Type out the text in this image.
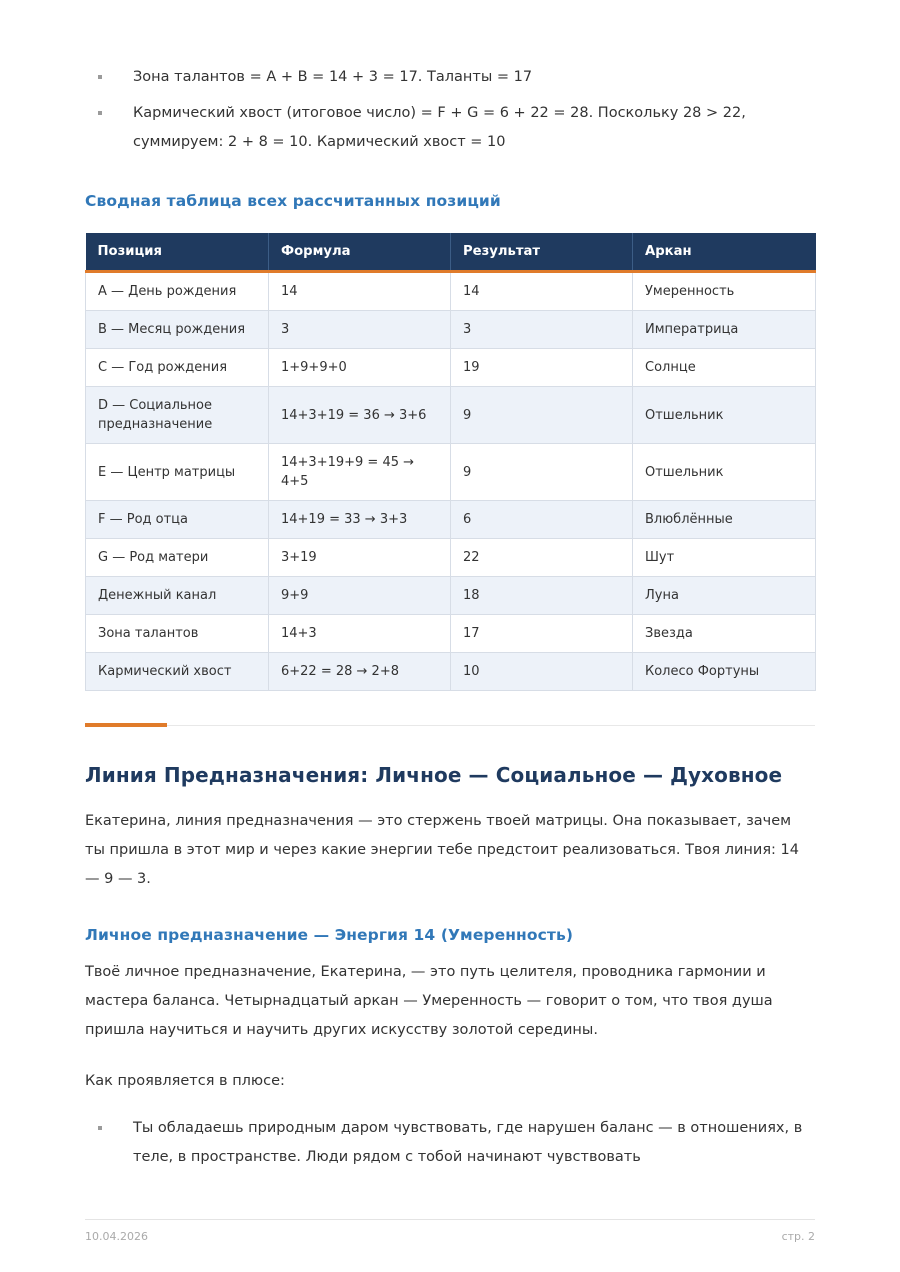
Зона талантов = A + B = 14 + 3 = 17. Таланты = 17

Кармический хвост (итоговое число) = F + G = 6 + 22 = 28. Поскольку 28 > 22, суммируем: 2 + 8 = 10. Кармический хвост = 10

Сводная таблица всех рассчитанных позиций
Позиция	Формула	Результат	Аркан
A — День рождения	14	14	Умеренность
B — Месяц рождения	3	3	Императрица
C — Год рождения	1+9+9+0	19	Солнце
D — Социальное предназначение	14+3+19 = 36 → 3+6	9	Отшельник
E — Центр матрицы	14+3+19+9 = 45 → 4+5	9	Отшельник
F — Род отца	14+19 = 33 → 3+3	6	Влюблённые
G — Род матери	3+19	22	Шут
Денежный канал	9+9	18	Луна
Зона талантов	14+3	17	Звезда
Кармический хвост	6+22 = 28 → 2+8	10	Колесо Фортуны
Линия Предназначения: Личное — Социальное — Духовное

Екатерина, линия предназначения — это стержень твоей матрицы. Она показывает, зачем ты пришла в этот мир и через какие энергии тебе предстоит реализоваться. Твоя линия: 14 — 9 — 3.

Личное предназначение — Энергия 14 (Умеренность)

Твоё личное предназначение, Екатерина, — это путь целителя, проводника гармонии и мастера баланса. Четырнадцатый аркан — Умеренность — говорит о том, что твоя душа пришла научиться и научить других искусству золотой середины.

Как проявляется в плюсе:

Ты обладаешь природным даром чувствовать, где нарушен баланс — в отношениях, в теле, в пространстве. Люди рядом с тобой начинают чувствовать

10.04.2026	стр. 2
